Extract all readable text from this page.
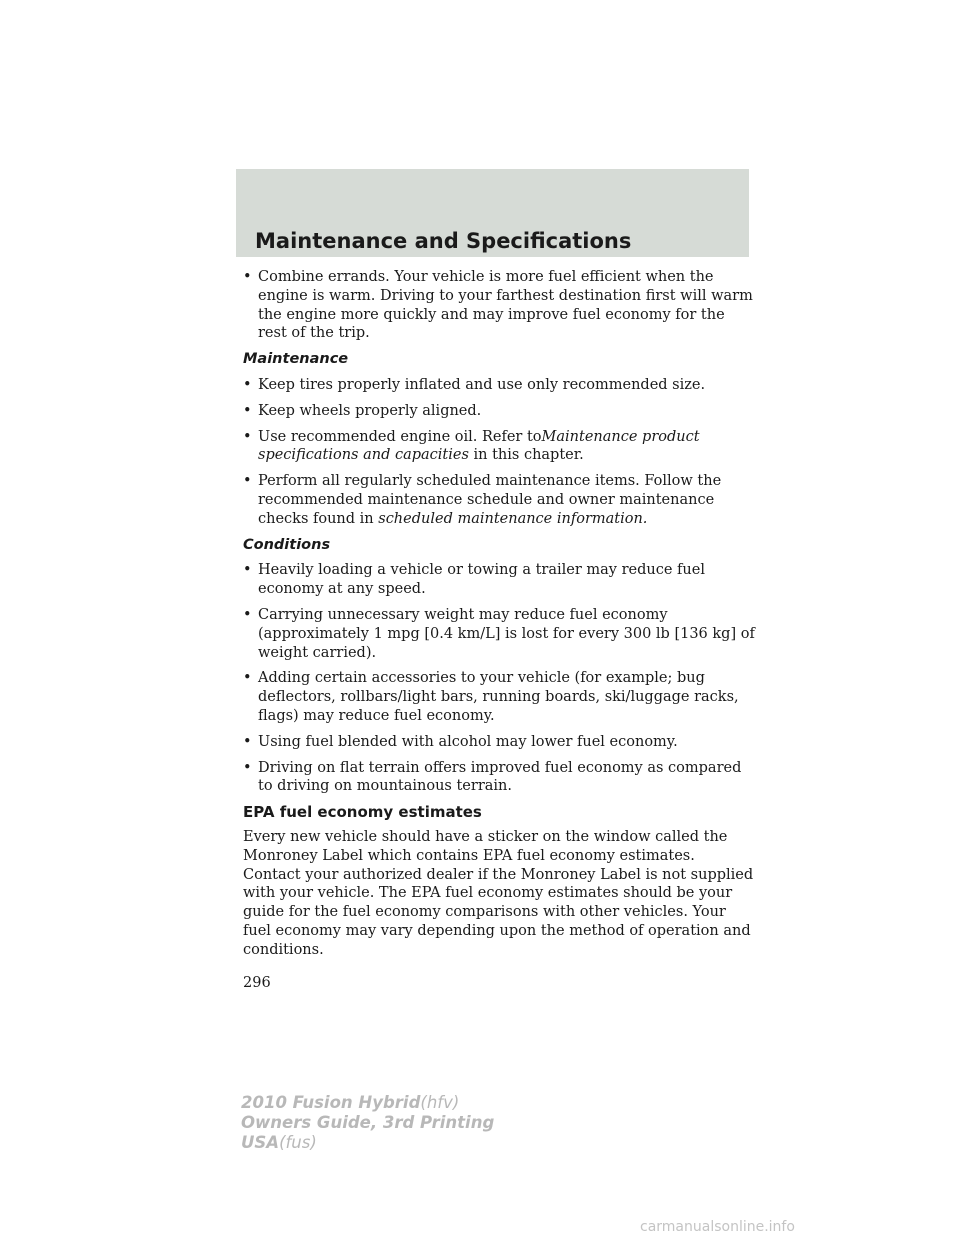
Maintenance and Specifications
• Combine errands. Your vehicle is more fuel efficient when the engine is warm. Driving to your farthest destination first will warm the engine more quickly and may improve fuel economy for the rest of the trip.
Maintenance
• Keep tires properly inflated and use only recommended size.
• Keep wheels properly aligned.
• Use recommended engine oil. Refer toMaintenance product specifications and capacities in this chapter.
• Perform all regularly scheduled maintenance items. Follow the recommended maintenance schedule and owner maintenance checks found in scheduled maintenance information.
Conditions
• Heavily loading a vehicle or towing a trailer may reduce fuel economy at any speed.
• Carrying unnecessary weight may reduce fuel economy (approximately 1 mpg [0.4 km/L] is lost for every 300 lb [136 kg] of weight carried).
• Adding certain accessories to your vehicle (for example; bug deflectors, rollbars/light bars, running boards, ski/luggage racks, flags) may reduce fuel economy.
• Using fuel blended with alcohol may lower fuel economy.
• Driving on flat terrain offers improved fuel economy as compared to driving on mountainous terrain.
EPA fuel economy estimates

Every new vehicle should have a sticker on the window called the Monroney Label which contains EPA fuel economy estimates. Contact your authorized dealer if the Monroney Label is not supplied with your vehicle. The EPA fuel economy estimates should be your guide for the fuel economy comparisons with other vehicles. Your fuel economy may vary depending upon the method of operation and conditions.

296
2010 Fusion Hybrid(hfv)
Owners Guide, 3rd Printing
USA(fus)
carmanualsonline.info
